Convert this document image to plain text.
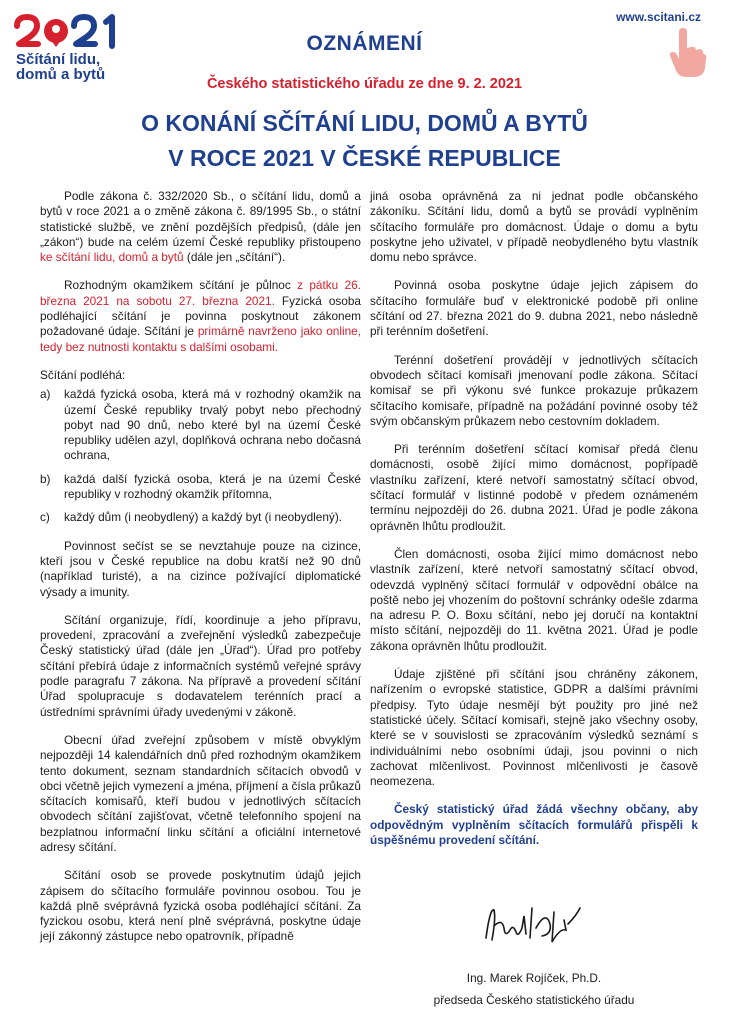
Sčítání lidu,
domů a bytů
www.scitani.cz
OZNÁMENÍ
Českého statistického úřadu ze dne 9. 2. 2021
O KONÁNÍ SČÍTÁNÍ LIDU, DOMŮ A BYTŮ
V ROCE 2021 V ČESKÉ REPUBLICE

Podle zákona č. 332/2020 Sb., o sčítání lidu, domů a bytů v roce 2021 a o změně zákona č. 89/1995 Sb., o státní statistické službě, ve znění pozdějších předpisů, (dále jen „zákon“) bude na celém území České republiky přistoupeno ke sčítání lidu, domů a bytů (dále jen „sčítání“).

Rozhodným okamžikem sčítání je půlnoc z pátku 26. března 2021 na sobotu 27. března 2021. Fyzická osoba podléhající sčítání je povinna poskytnout zákonem požadované údaje. Sčítání je primárně navrženo jako online, tedy bez nutnosti kontaktu s dalšími osobami.

Sčítání podléhá:

a) každá fyzická osoba, která má v rozhodný okamžik na území České republiky trvalý pobyt nebo přechodný pobyt nad 90 dnů, nebo které byl na území České republiky udělen azyl, doplňková ochrana nebo dočasná ochrana,
b) každá další fyzická osoba, která je na území České republiky v rozhodný okamžik přítomna,
c) každý dům (i neobydlený) a každý byt (i neobydlený).

Povinnost sečíst se se nevztahuje pouze na cizince, kteří jsou v České republice na dobu kratší než 90 dnů (například turisté), a na cizince požívající diplomatické výsady a imunity.

Sčítání organizuje, řídí, koordinuje a jeho přípravu, provedení, zpracování a zveřejnění výsledků zabezpečuje Český statistický úřad (dále jen „Úřad“). Úřad pro potřeby sčítání přebírá údaje z informačních systémů veřejné správy podle paragrafu 7 zákona. Na přípravě a provedení sčítání Úřad spolupracuje s dodavatelem terénních prací a ústředními správními úřady uvedenými v zákoně.

Obecní úřad zveřejní způsobem v místě obvyklým nejpozději 14 kalendářních dnů před rozhodným okamžikem tento dokument, seznam standardních sčítacích obvodů v obci včetně jejich vymezení a jména, příjmení a čísla průkazů sčítacích komisařů, kteří budou v jednotlivých sčítacích obvodech sčítání zajišťovat, včetně telefonního spojení na bezplatnou informační linku sčítání a oficiální internetové adresy sčítání.

Sčítání osob se provede poskytnutím údajů jejich zápisem do sčítacího formuláře povinnou osobou. Tou je každá plně svéprávná fyzická osoba podléhající sčítání. Za fyzickou osobu, která není plně svéprávná, poskytne údaje její zákonný zástupce nebo opatrovník, případně

jiná osoba oprávněná za ni jednat podle občanského zákoníku. Sčítání lidu, domů a bytů se provádí vyplněním sčítacího formuláře pro domácnost. Údaje o domu a bytu poskytne jeho uživatel, v případě neobydleného bytu vlastník domu nebo správce.

Povinná osoba poskytne údaje jejich zápisem do sčítacího formuláře buď v elektronické podobě při online sčítání od 27. března 2021 do 9. dubna 2021, nebo následně při terénním došetření.

Terénní došetření provádějí v jednotlivých sčítacích obvodech sčítací komisaři jmenovaní podle zákona. Sčítací komisař se při výkonu své funkce prokazuje průkazem sčítacího komisaře, případně na požádání povinné osoby též svým občanským průkazem nebo cestovním dokladem.

Při terénním došetření sčítací komisař předá členu domácnosti, osobě žijící mimo domácnost, popřípadě vlastníku zařízení, které netvoří samostatný sčítací obvod, sčítací formulář v listinné podobě v předem oznámeném termínu nejpozději do 26. dubna 2021. Úřad je podle zákona oprávněn lhůtu prodloužit.

Člen domácnosti, osoba žijící mimo domácnost nebo vlastník zařízení, které netvoří samostatný sčítací obvod, odevzdá vyplněný sčítací formulář v odpovědní obálce na poště nebo jej vhozením do poštovní schránky odešle zdarma na adresu P. O. Boxu sčítání, nebo jej doručí na kontaktní místo sčítání, nejpozději do 11. května 2021. Úřad je podle zákona oprávněn lhůtu prodloužit.

Údaje zjištěné při sčítání jsou chráněny zákonem, nařízením o evropské statistice, GDPR a dalšími právními předpisy. Tyto údaje nesmějí být použity pro jiné než statistické účely. Sčítací komisaři, stejně jako všechny osoby, které se v souvislosti se zpracováním výsledků seznámí s individuálními nebo osobními údaji, jsou povinni o nich zachovat mlčenlivost. Povinnost mlčenlivosti je časově neomezena.

Český statistický úřad žádá všechny občany, aby odpovědným vyplněním sčítacích formulářů přispěli k úspěšnému provedení sčítání.

Ing. Marek Rojíček, Ph.D.
předseda Českého statistického úřadu
